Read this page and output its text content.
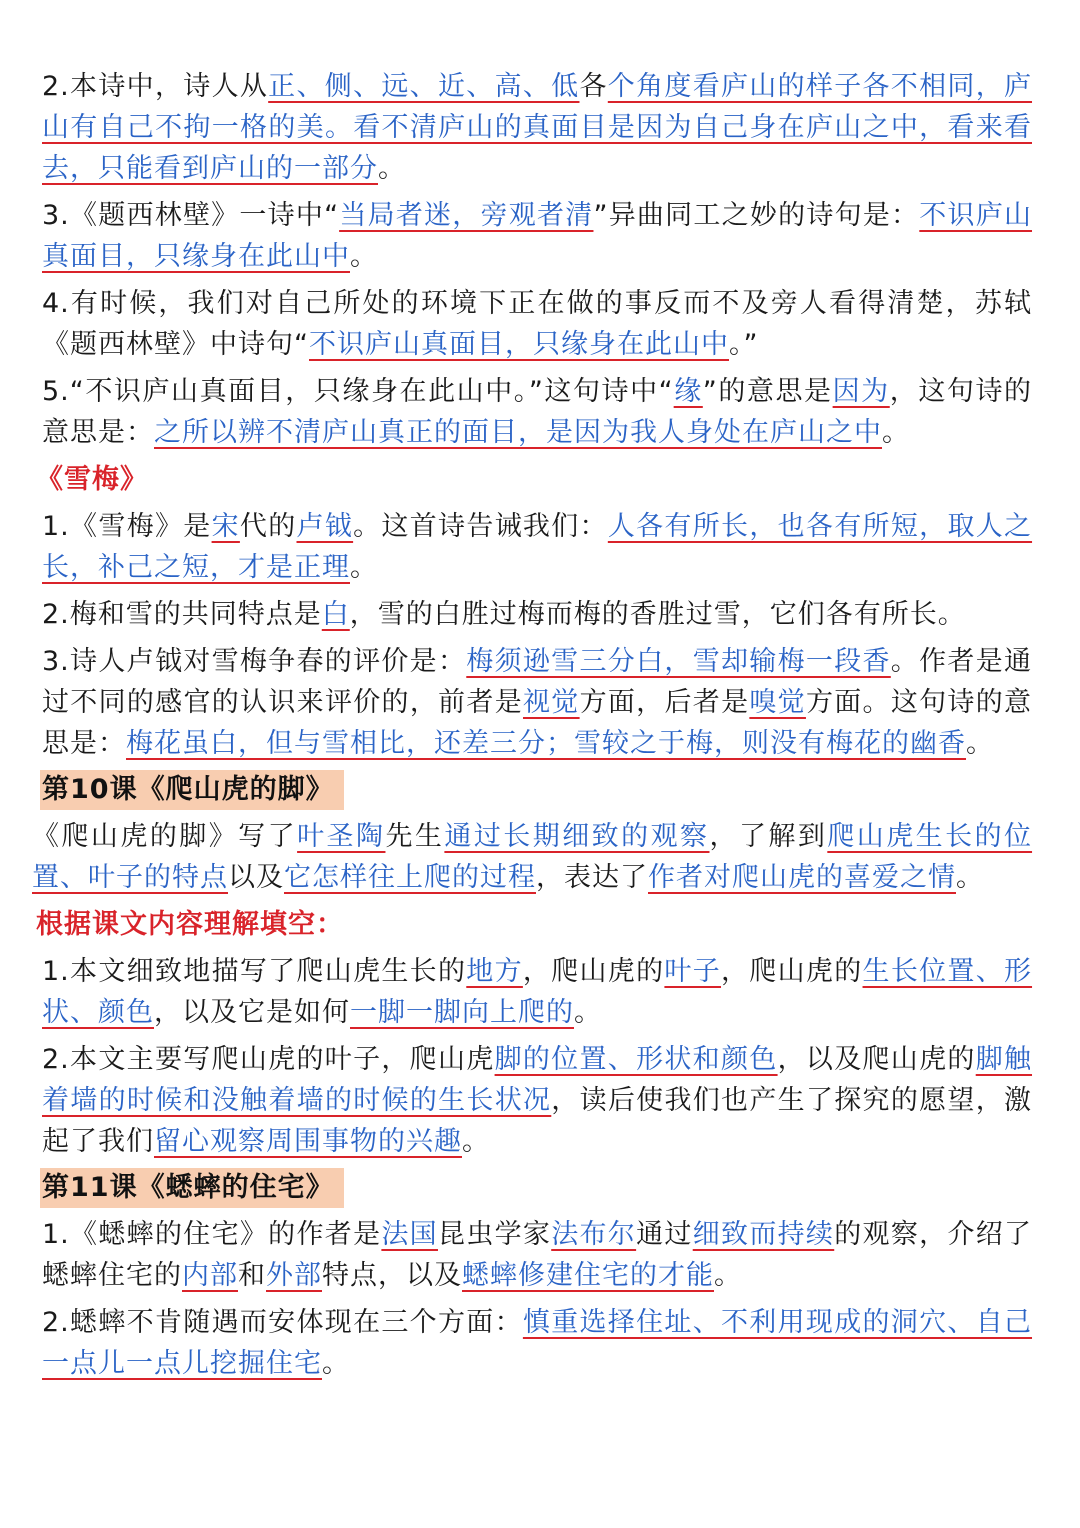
2.本诗中，诗人从正、侧、远、近、高、低各个角度看庐山的样子各不相同，庐山有自己不拘一格的美。看不清庐山的真面目是因为自己身在庐山之中，看来看去，只能看到庐山的一部分。
3.《题西林壁》一诗中“当局者迷，旁观者清”异曲同工之妙的诗句是：不识庐山真面目，只缘身在此山中。
4.有时候，我们对自己所处的环境下正在做的事反而不及旁人看得清楚，苏轼《题西林壁》中诗句“不识庐山真面目，只缘身在此山中。”
5.“不识庐山真面目，只缘身在此山中。”这句诗中“缘”的意思是因为，这句诗的意思是：之所以辨不清庐山真正的面目，是因为我人身处在庐山之中。
《雪梅》
1.《雪梅》是宋代的卢钺。这首诗告诫我们：人各有所长，也各有所短，取人之长，补己之短，才是正理。
2.梅和雪的共同特点是白，雪的白胜过梅而梅的香胜过雪，它们各有所长。
3.诗人卢钺对雪梅争春的评价是：梅须逊雪三分白，雪却输梅一段香。作者是通过不同的感官的认识来评价的，前者是视觉方面，后者是嗅觉方面。这句诗的意思是：梅花虽白，但与雪相比，还差三分；雪较之于梅，则没有梅花的幽香。
第10课《爬山虎的脚》
《爬山虎的脚》写了叶圣陶先生通过长期细致的观察，了解到爬山虎生长的位置、叶子的特点以及它怎样往上爬的过程，表达了作者对爬山虎的喜爱之情。
根据课文内容理解填空：
1.本文细致地描写了爬山虎生长的地方，爬山虎的叶子，爬山虎的生长位置、形状、颜色，以及它是如何一脚一脚向上爬的。
2.本文主要写爬山虎的叶子，爬山虎脚的位置、形状和颜色，以及爬山虎的脚触着墙的时候和没触着墙的时候的生长状况，读后使我们也产生了探究的愿望，激起了我们留心观察周围事物的兴趣。
第11课《蟋蟀的住宅》
1.《蟋蟀的住宅》的作者是法国昆虫学家法布尔通过细致而持续的观察，介绍了蟋蟀住宅的内部和外部特点，以及蟋蟀修建住宅的才能。
2.蟋蟀不肯随遇而安体现在三个方面：慎重选择住址、不利用现成的洞穴、自己一点儿一点儿挖掘住宅。
